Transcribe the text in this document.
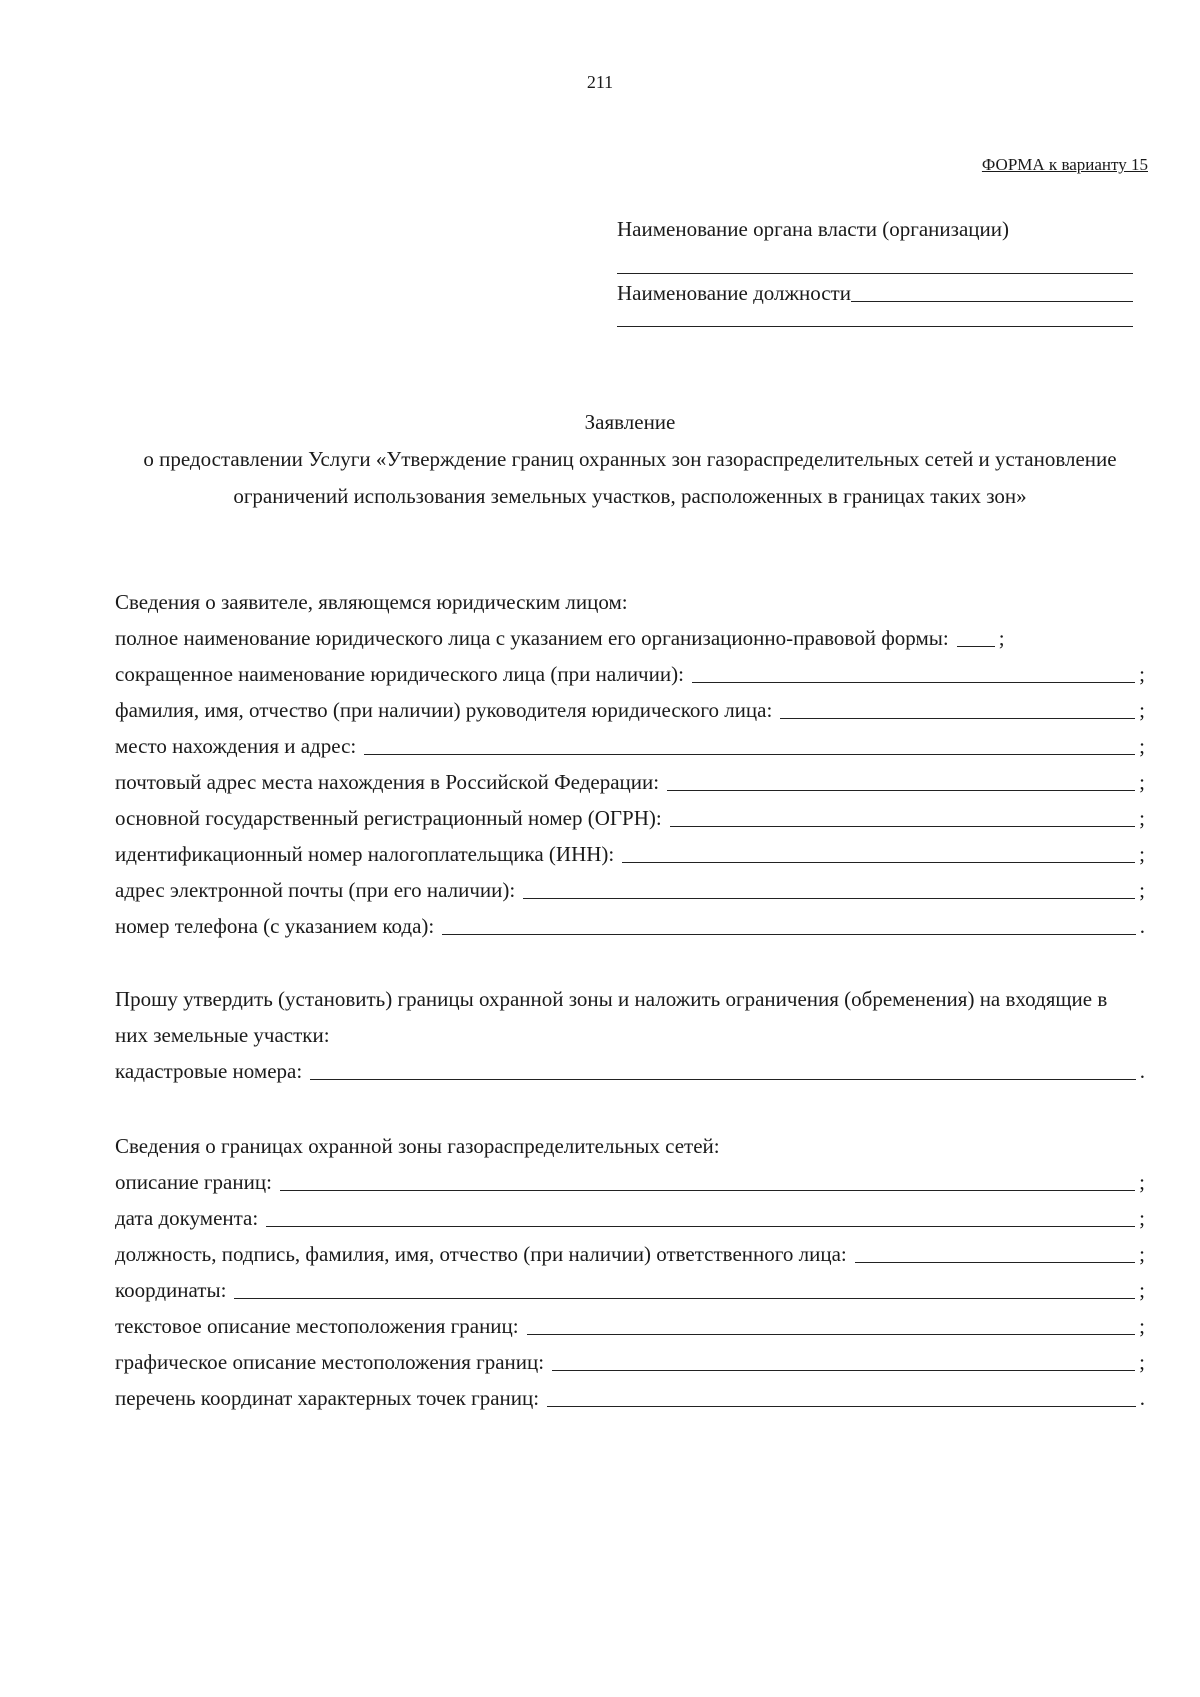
211
ФОРМА к варианту 15
Наименование органа власти (организации)
Наименование должности
Заявление
о предоставлении Услуги «Утверждение границ охранных зон газораспределительных сетей и установление ограничений использования земельных участков, расположенных в границах таких зон»
Сведения о заявителе, являющемся юридическим лицом:
полное наименование юридического лица с указанием его организационно-правовой формы: ;
сокращенное наименование юридического лица (при наличии):	;
фамилия, имя, отчество (при наличии) руководителя юридического лица:	;
место нахождения и адрес:	;
почтовый адрес места нахождения в Российской Федерации:	;
основной государственный регистрационный номер (ОГРН):	;
идентификационный номер налогоплательщика (ИНН):	;
адрес электронной почты (при его наличии):	;
номер телефона (с указанием кода):	.
Прошу утвердить (установить) границы охранной зоны и наложить ограничения (обременения) на входящие в них земельные участки:
кадастровые номера:	.
Сведения о границах охранной зоны газораспределительных сетей:
описание границ:	;
дата документа:	;
должность, подпись, фамилия, имя, отчество (при наличии) ответственного лица:	;
координаты:	;
текстовое описание местоположения границ:	;
графическое описание местоположения границ:	;
перечень координат характерных точек границ:	.
